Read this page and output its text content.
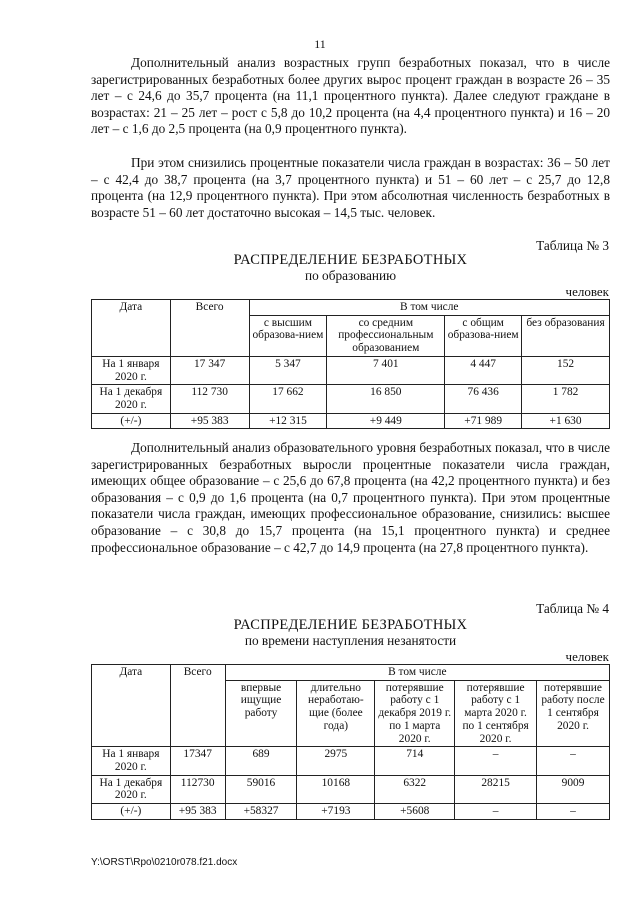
11

Дополнительный анализ возрастных групп безработных показал, что в числе зарегистрированных безработных более других вырос процент граждан в возрасте 26 – 35 лет – с 24,6 до 35,7 процента (на 11,1 процентного пункта). Далее следуют граждане в возрастах: 21 – 25 лет – рост с 5,8 до 10,2 процента (на 4,4 процентного пункта) и 16 – 20 лет – с 1,6 до 2,5 процента (на 0,9 процентного пункта).

При этом снизились процентные показатели числа граждан в возрастах: 36 – 50 лет – с 42,4 до 38,7 процента (на 3,7 процентного пункта) и 51 – 60 лет – с 25,7 до 12,8 процента (на 12,9 процентного пункта). При этом абсолютная численность безработных в возрасте 51 – 60 лет достаточно высокая – 14,5 тыс. человек.

Таблица № 3
РАСПРЕДЕЛЕНИЕ БЕЗРАБОТНЫХ
по образованию
человек
Дата	Всего	В том числе			
		с высшим образова-нием	со средним профессиональным образованием	с общим образова-нием	без образования
На 1 января 2020 г.	17 347	5 347	7 401	4 447	152
На 1 декабря 2020 г.	112 730	17 662	16 850	76 436	1 782
(+/-)	+95 383	+12 315	+9 449	+71 989	+1 630

Дополнительный анализ образовательного уровня безработных показал, что в числе зарегистрированных безработных выросли процентные показатели числа граждан, имеющих общее образование – с 25,6 до 67,8 процента (на 42,2 процентного пункта) и без образования – с 0,9 до 1,6 процента (на 0,7 процентного пункта). При этом процентные показатели числа граждан, имеющих профессиональное образование, снизились: высшее образование – с 30,8 до 15,7 процента (на 15,1 процентного пункта) и среднее профессиональное образование – с 42,7 до 14,9 процента (на 27,8 процентного пункта).

Таблица № 4
РАСПРЕДЕЛЕНИЕ БЕЗРАБОТНЫХ
по времени наступления незанятости
человек
Дата	Всего	В том числе				
		впервые ищущие работу	длительно неработаю-щие (более года)	потерявшие работу с 1 декабря 2019 г. по 1 марта 2020 г.	потерявшие работу с 1 марта 2020 г. по 1 сентября 2020 г.	потерявшие работу после 1 сентября 2020 г.
На 1 января 2020 г.	17347	689	2975	714	–	–
На 1 декабря 2020 г.	112730	59016	10168	6322	28215	9009
(+/-)	+95 383	+58327	+7193	+5608	–	–
Y:\ORST\Rpo\0210r078.f21.docx
